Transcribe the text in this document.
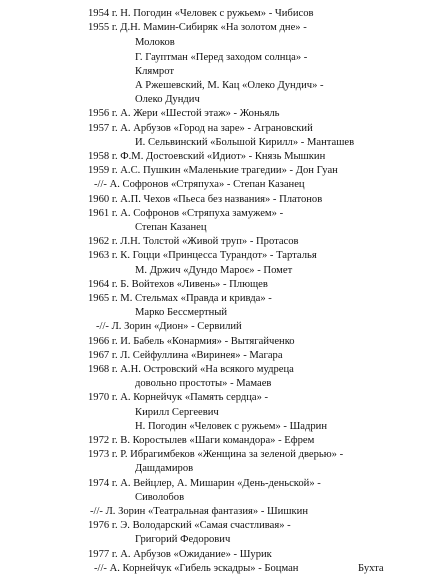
1954 г. Н. Погодин «Человек с ружьем» - Чибисов
1955 г. Д.Н. Мамин-Сибиряк «На золотом дне» -
Молоков
Г. Гауптман «Перед заходом солнца» -
Клямрот
А Ржешевский, М. Кац «Олеко Дундич» -
Олеко Дундич
1956 г. А. Жери «Шестой этаж» - Жоньяль
1957 г. А. Арбузов «Город на заре» - Аграновский
И. Сельвинский «Большой Кирилл» - Манташев
1958 г. Ф.М. Достоевский «Идиот» - Князь Мышкин
1959 г. А.С. Пушкин «Маленькие трагедии» - Дон Гуан
-//- А. Софронов «Стряпуха» - Степан Казанец
1960 г. А.П. Чехов «Пьеса без названия» - Платонов
1961 г. А. Софронов «Стряпуха замужем» -
Степан Казанец
1962 г. Л.Н. Толстой «Живой труп» - Протасов
1963 г. К. Гоцци «Принцесса Турандот» - Тарталья
М. Држич «Дундо Мароє» - Помет
1964 г. Б. Войтехов «Ливень» - Плющев
1965 г. М. Стельмах «Правда и кривда» -
Марко Бессмертный
-//- Л. Зорин «Дион» - Сервилий
1966 г. И. Бабель «Конармия» - Вытягайченко
1967 г. Л. Сейфуллина «Виринея» - Магара
1968 г. А.Н. Островский «На всякого мудреца
довольно простоты» - Мамаев
1970 г. А. Корнейчук «Память сердца» -
Кирилл Сергеевич
Н. Погодин «Человек с ружьем» - Шадрин
1972 г. В. Коростылев «Шаги командора» - Ефрем
1973 г. Р. Ибрагимбеков «Женщина за зеленой дверью» -
Дашдамиров
1974 г. А. Вейцлер, А. Мишарин «День-деньской» -
Сиволобов
-//- Л. Зорин «Театральная фантазия» - Шишкин
1976 г. Э. Володарский «Самая счастливая» -
Григорий Федорович
1977 г. А. Арбузов «Ожидание» - Шурик
-//- А. Корнейчук «Гибель эскадры» - Боцман	Бухта
